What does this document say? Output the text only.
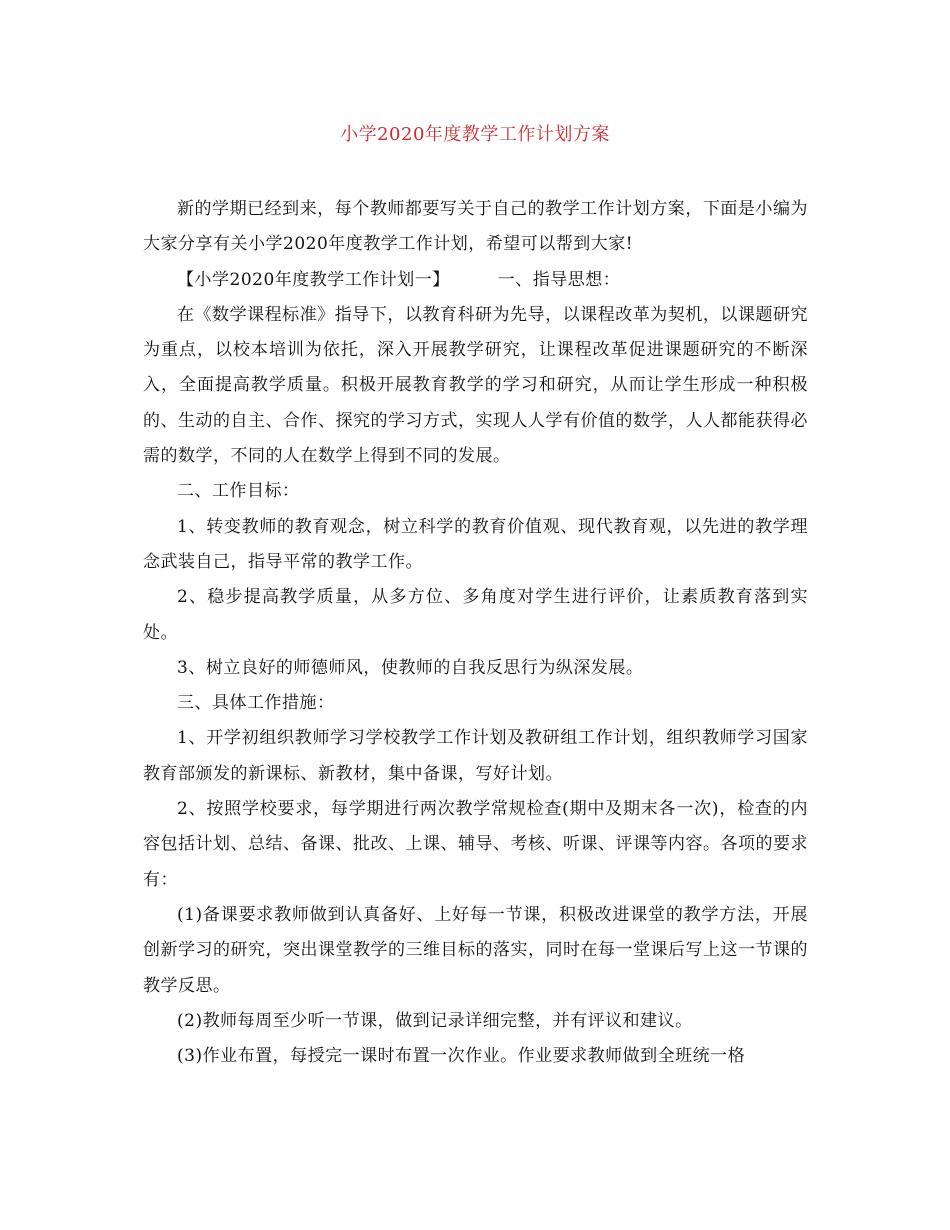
小学2020年度教学工作计划方案

新的学期已经到来，每个教师都要写关于自己的教学工作计划方案，下面是小编为大家分享有关小学2020年度教学工作计划，希望可以帮到大家!

【小学2020年度教学工作计划一】	一、指导思想：

在《数学课程标准》指导下，以教育科研为先导，以课程改革为契机，以课题研究为重点，以校本培训为依托，深入开展教学研究，让课程改革促进课题研究的不断深入，全面提高教学质量。积极开展教育教学的学习和研究，从而让学生形成一种积极的、生动的自主、合作、探究的学习方式，实现人人学有价值的数学，人人都能获得必需的数学，不同的人在数学上得到不同的发展。

二、工作目标：

1、转变教师的教育观念，树立科学的教育价值观、现代教育观，以先进的教学理念武装自己，指导平常的教学工作。

2、稳步提高教学质量，从多方位、多角度对学生进行评价，让素质教育落到实处。

3、树立良好的师德师风，使教师的自我反思行为纵深发展。

三、具体工作措施：

1、开学初组织教师学习学校教学工作计划及教研组工作计划，组织教师学习国家教育部颁发的新课标、新教材，集中备课，写好计划。

2、按照学校要求，每学期进行两次教学常规检查(期中及期末各一次)，检查的内容包括计划、总结、备课、批改、上课、辅导、考核、听课、评课等内容。各项的要求有：

(1)备课要求教师做到认真备好、上好每一节课，积极改进课堂的教学方法，开展创新学习的研究，突出课堂教学的三维目标的落实，同时在每一堂课后写上这一节课的教学反思。

(2)教师每周至少听一节课，做到记录详细完整，并有评议和建议。

(3)作业布置，每授完一课时布置一次作业。作业要求教师做到全班统一格
